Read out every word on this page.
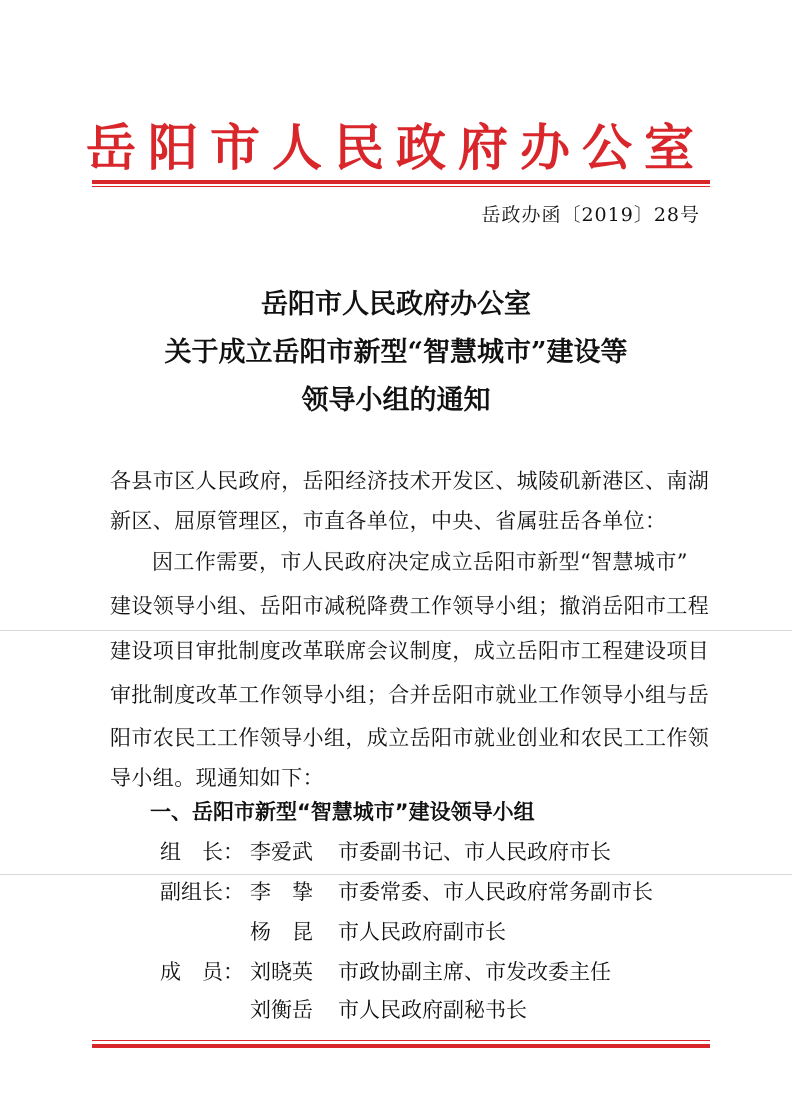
岳阳市人民政府办公室
岳政办函〔2019〕28号
岳阳市人民政府办公室
关于成立岳阳市新型“智慧城市”建设等
领导小组的通知
各县市区人民政府，岳阳经济技术开发区、城陵矶新港区、南湖
新区、屈原管理区，市直各单位，中央、省属驻岳各单位：
因工作需要，市人民政府决定成立岳阳市新型“智慧城市”
建设领导小组、岳阳市减税降费工作领导小组；撤消岳阳市工程
建设项目审批制度改革联席会议制度，成立岳阳市工程建设项目
审批制度改革工作领导小组；合并岳阳市就业工作领导小组与岳
阳市农民工工作领导小组，成立岳阳市就业创业和农民工工作领
导小组。现通知如下：
一、岳阳市新型“智慧城市”建设领导小组
组　长： 李爱武 市委副书记、市人民政府市长
副组长： 李　挚 市委常委、市人民政府常务副市长
杨　昆 市人民政府副市长
成　员： 刘晓英 市政协副主席、市发改委主任
刘衡岳 市人民政府副秘书长
